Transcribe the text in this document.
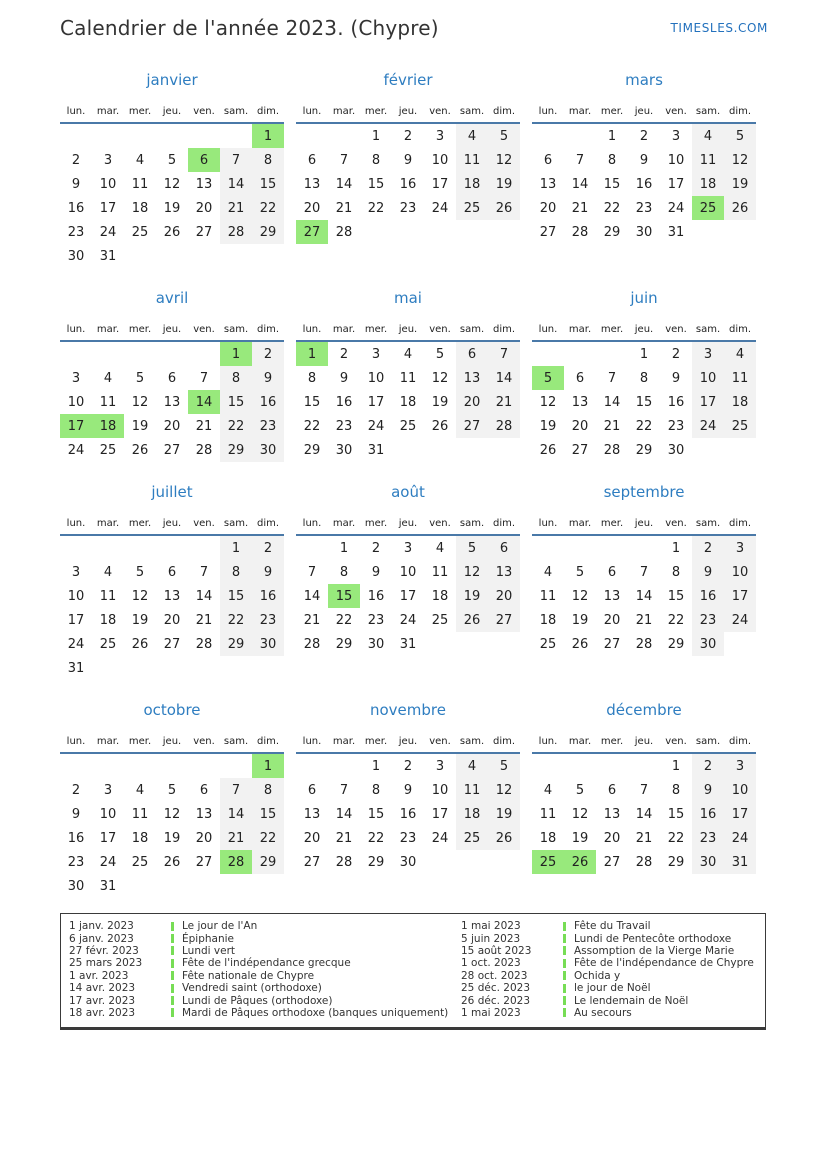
Calendrier de l'année 2023. (Chypre)	TIMESLES.COM
janvier
lun.	mar.	mer.	jeu.	ven.	sam.	dim.
						1
2	3	4	5	6	7	8
9	10	11	12	13	14	15
16	17	18	19	20	21	22
23	24	25	26	27	28	29
30	31					
février
lun.	mar.	mer.	jeu.	ven.	sam.	dim.
		1	2	3	4	5
6	7	8	9	10	11	12
13	14	15	16	17	18	19
20	21	22	23	24	25	26
27	28					
mars
lun.	mar.	mer.	jeu.	ven.	sam.	dim.
		1	2	3	4	5
6	7	8	9	10	11	12
13	14	15	16	17	18	19
20	21	22	23	24	25	26
27	28	29	30	31		
avril
lun.	mar.	mer.	jeu.	ven.	sam.	dim.
					1	2
3	4	5	6	7	8	9
10	11	12	13	14	15	16
17	18	19	20	21	22	23
24	25	26	27	28	29	30
mai
lun.	mar.	mer.	jeu.	ven.	sam.	dim.
1	2	3	4	5	6	7
8	9	10	11	12	13	14
15	16	17	18	19	20	21
22	23	24	25	26	27	28
29	30	31				
juin
lun.	mar.	mer.	jeu.	ven.	sam.	dim.
			1	2	3	4
5	6	7	8	9	10	11
12	13	14	15	16	17	18
19	20	21	22	23	24	25
26	27	28	29	30		
juillet
lun.	mar.	mer.	jeu.	ven.	sam.	dim.
					1	2
3	4	5	6	7	8	9
10	11	12	13	14	15	16
17	18	19	20	21	22	23
24	25	26	27	28	29	30
31						
août
lun.	mar.	mer.	jeu.	ven.	sam.	dim.
	1	2	3	4	5	6
7	8	9	10	11	12	13
14	15	16	17	18	19	20
21	22	23	24	25	26	27
28	29	30	31			
septembre
lun.	mar.	mer.	jeu.	ven.	sam.	dim.
				1	2	3
4	5	6	7	8	9	10
11	12	13	14	15	16	17
18	19	20	21	22	23	24
25	26	27	28	29	30	
octobre
lun.	mar.	mer.	jeu.	ven.	sam.	dim.
						1
2	3	4	5	6	7	8
9	10	11	12	13	14	15
16	17	18	19	20	21	22
23	24	25	26	27	28	29
30	31					
novembre
lun.	mar.	mer.	jeu.	ven.	sam.	dim.
		1	2	3	4	5
6	7	8	9	10	11	12
13	14	15	16	17	18	19
20	21	22	23	24	25	26
27	28	29	30			
décembre
lun.	mar.	mer.	jeu.	ven.	sam.	dim.
				1	2	3
4	5	6	7	8	9	10
11	12	13	14	15	16	17
18	19	20	21	22	23	24
25	26	27	28	29	30	31
1 janv. 2023	Le jour de l'An
6 janv. 2023	Épiphanie
27 févr. 2023	Lundi vert
25 mars 2023	Fête de l'indépendance grecque
1 avr. 2023	Fête nationale de Chypre
14 avr. 2023	Vendredi saint (orthodoxe)
17 avr. 2023	Lundi de Pâques (orthodoxe)
18 avr. 2023	Mardi de Pâques orthodoxe (banques uniquement)
1 mai 2023	Fête du Travail
5 juin 2023	Lundi de Pentecôte orthodoxe
15 août 2023	Assomption de la Vierge Marie
1 oct. 2023	Fête de l'indépendance de Chypre
28 oct. 2023	Ochida y
25 déc. 2023	le jour de Noël
26 déc. 2023	Le lendemain de Noël
1 mai 2023	Au secours
